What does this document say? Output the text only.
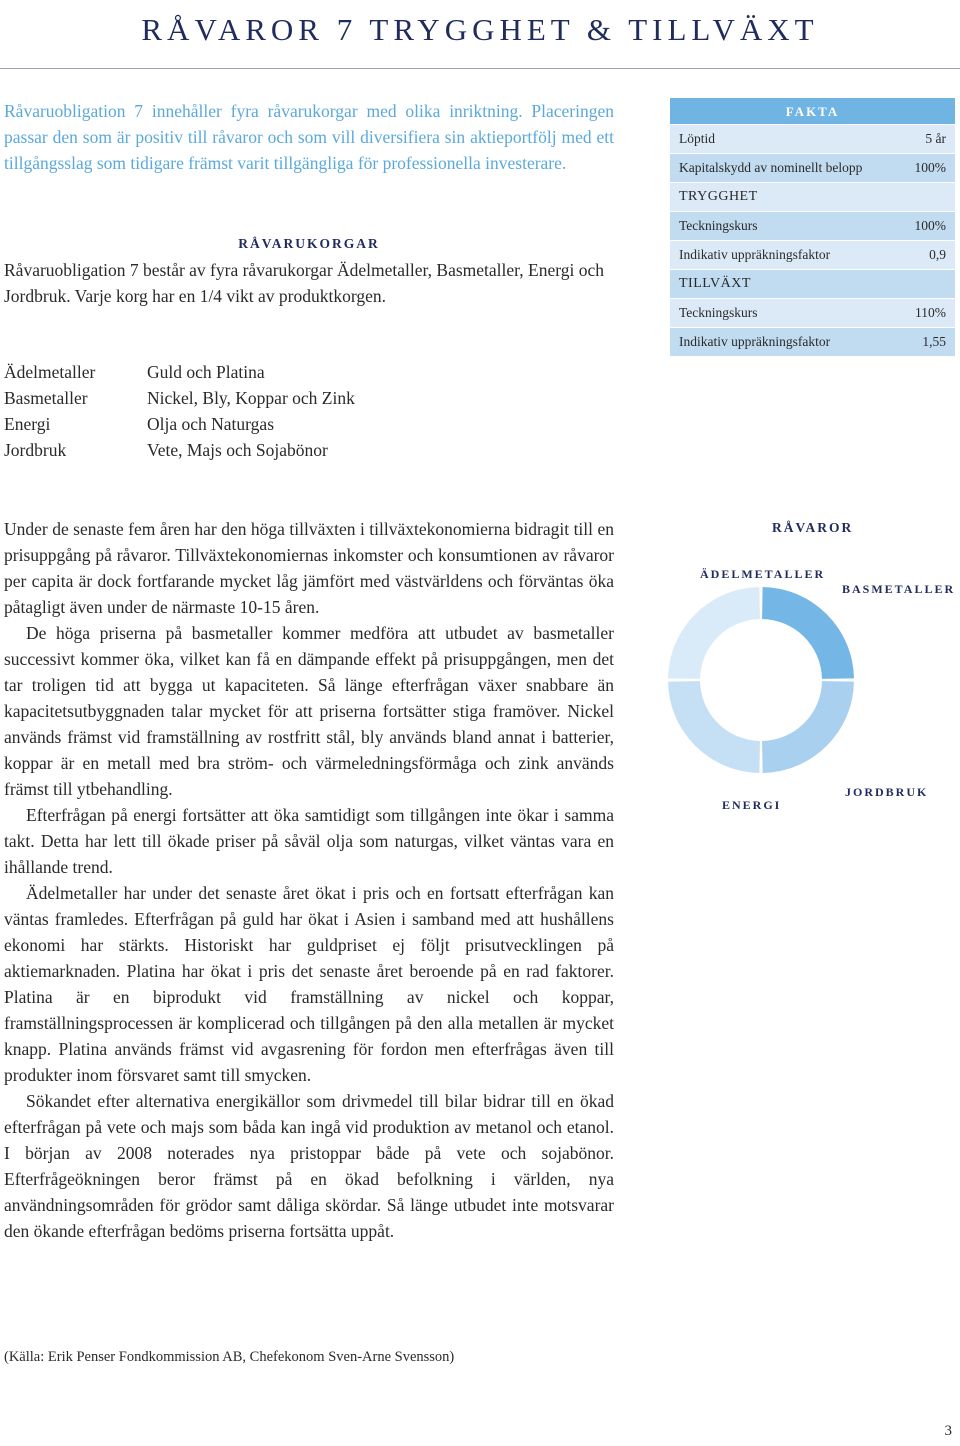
RÅVAROR 7 TRYGGHET & TILLVÄXT

Råvaruobligation 7 innehåller fyra råvarukorgar med olika inriktning. Placeringen passar den som är positiv till råvaror och som vill diversifiera sin aktieportfölj med ett tillgångsslag som tidigare främst varit tillgängliga för professionella investerare.

RÅVARUKORGAR

Råvaruobligation 7 består av fyra råvarukorgar Ädelmetaller, Basmetaller, Energi och Jordbruk. Varje korg har en 1/4 vikt av produktkorgen.

Ädelmetaller	Guld och Platina
Basmetaller	Nickel, Bly, Koppar och Zink
Energi	Olja och Naturgas
Jordbruk	Vete, Majs och Sojabönor
FAKTA
Löptid	5 år
Kapitalskydd av nominellt belopp	100%
TRYGGHET
Teckningskurs	100%
Indikativ uppräkningsfaktor	0,9
TILLVÄXT
Teckningskurs	110%
Indikativ uppräkningsfaktor	1,55

Under de senaste fem åren har den höga tillväxten i tillväxtekonomierna bidragit till en prisuppgång på råvaror. Tillväxtekonomiernas inkomster och konsumtionen av råvaror per capita är dock fortfarande mycket låg jämfört med västvärldens och förväntas öka påtagligt även under de närmaste 10-15 åren.

De höga priserna på basmetaller kommer medföra att utbudet av basmetaller successivt kommer öka, vilket kan få en dämpande effekt på prisuppgången, men det tar troligen tid att bygga ut kapaciteten. Så länge efterfrågan växer snabbare än kapacitetsutbyggnaden talar mycket för att priserna fortsätter stiga framöver. Nickel används främst vid framställning av rostfritt stål, bly används bland annat i batterier, koppar är en metall med bra ström- och värmeledningsförmåga och zink används främst till ytbehandling.

Efterfrågan på energi fortsätter att öka samtidigt som tillgången inte ökar i samma takt. Detta har lett till ökade priser på såväl olja som naturgas, vilket väntas vara en ihållande trend.

Ädelmetaller har under det senaste året ökat i pris och en fortsatt efterfrågan kan väntas framledes. Efterfrågan på guld har ökat i Asien i samband med att hushållens ekonomi har stärkts. Historiskt har guldpriset ej följt prisutvecklingen på aktiemarknaden. Platina har ökat i pris det senaste året beroende på en rad faktorer. Platina är en biprodukt vid framställning av nickel och koppar, framställningsprocessen är komplicerad och tillgången på den alla metallen är mycket knapp. Platina används främst vid avgasrening för fordon men efterfrågas även till produkter inom försvaret samt till smycken.

Sökandet efter alternativa energikällor som drivmedel till bilar bidrar till en ökad efterfrågan på vete och majs som båda kan ingå vid produktion av metanol och etanol. I början av 2008 noterades nya pristoppar både på vete och sojabönor. Efterfrågeökningen beror främst på en ökad befolkning i världen, nya användningsområden för grödor samt dåliga skördar. Så länge utbudet inte motsvarar den ökande efterfrågan bedöms priserna fortsätta uppåt.

(Källa: Erik Penser Fondkommission AB, Chefekonom Sven-Arne Svensson)
3
RÅVAROR
ÄDELMETALLER
BASMETALLER
JORDBRUK
ENERGI
